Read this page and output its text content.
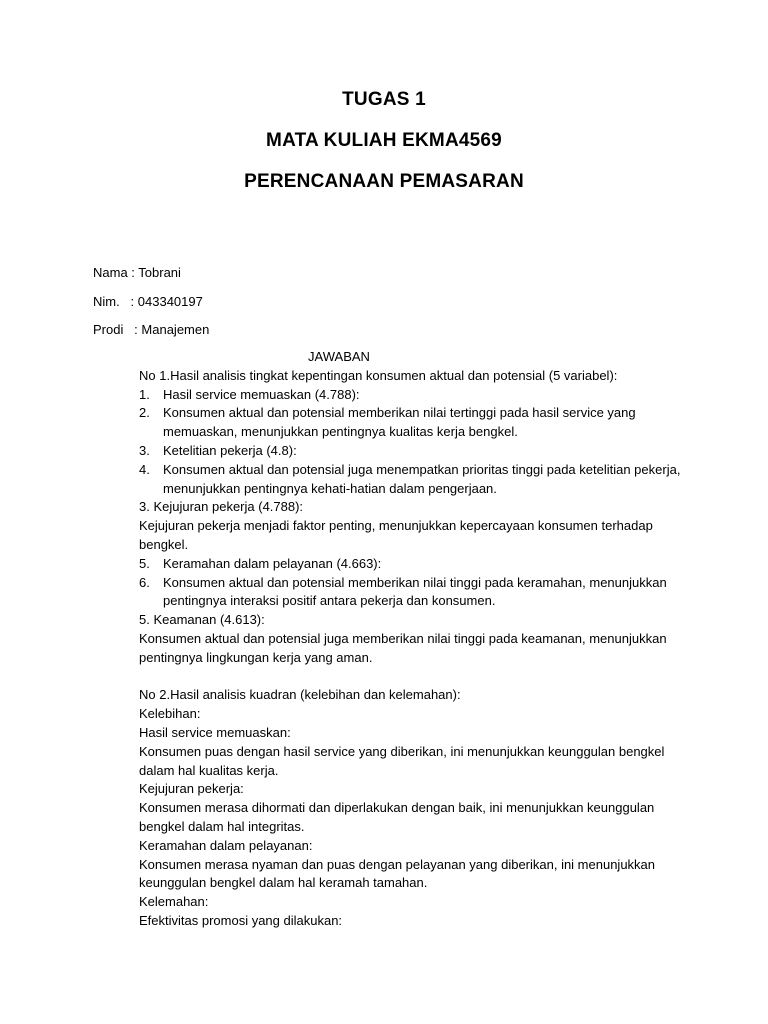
TUGAS 1
MATA KULIAH EKMA4569
PERENCANAAN PEMASARAN
Nama : Tobrani
Nim.   : 043340197
Prodi   : Manajemen
JAWABAN
No 1.Hasil analisis tingkat kepentingan konsumen aktual dan potensial (5 variabel):
1. Hasil service memuaskan (4.788):
2. Konsumen aktual dan potensial memberikan nilai tertinggi pada hasil service yang memuaskan, menunjukkan pentingnya kualitas kerja bengkel.
3. Ketelitian pekerja (4.8):
4. Konsumen aktual dan potensial juga menempatkan prioritas tinggi pada ketelitian pekerja, menunjukkan pentingnya kehati-hatian dalam pengerjaan.
3. Kejujuran pekerja (4.788):
Kejujuran pekerja menjadi faktor penting, menunjukkan kepercayaan konsumen terhadap bengkel.
5. Keramahan dalam pelayanan (4.663):
6. Konsumen aktual dan potensial memberikan nilai tinggi pada keramahan, menunjukkan pentingnya interaksi positif antara pekerja dan konsumen.
5. Keamanan (4.613):
Konsumen aktual dan potensial juga memberikan nilai tinggi pada keamanan, menunjukkan pentingnya lingkungan kerja yang aman.
No 2.Hasil analisis kuadran (kelebihan dan kelemahan):
Kelebihan:
Hasil service memuaskan:
Konsumen puas dengan hasil service yang diberikan, ini menunjukkan keunggulan bengkel dalam hal kualitas kerja.
Kejujuran pekerja:
Konsumen merasa dihormati dan diperlakukan dengan baik, ini menunjukkan keunggulan bengkel dalam hal integritas.
Keramahan dalam pelayanan:
Konsumen merasa nyaman dan puas dengan pelayanan yang diberikan, ini menunjukkan keunggulan bengkel dalam hal keramah tamahan.
Kelemahan:
Efektivitas promosi yang dilakukan:
